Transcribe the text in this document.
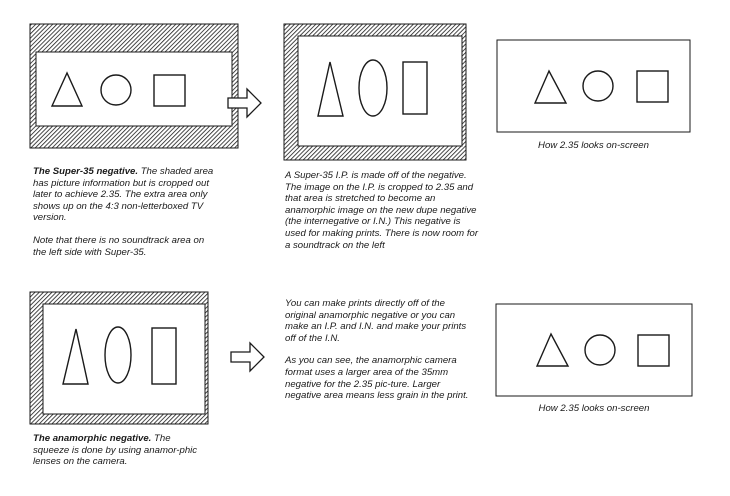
The Super-35 negative. The shaded area has picture information but is cropped out later to achieve 2.35. The extra area only shows up on the 4:3 non-letterboxed TV version.

Note that there is no soundtrack area on the left side with Super-35.

A Super-35 I.P. is made off of the negative. The image on the I.P. is cropped to 2.35 and that area is stretched to become an anamorphic image on the new dupe negative (the internegative or I.N.) This negative is used for making prints. There is now room for a soundtrack on the left

How 2.35 looks on-screen

The anamorphic negative. The squeeze is done by using anamor-phic lenses on the camera.

You can make prints directly off of the original anamorphic negative or you can make an I.P. and I.N. and make your prints off of the I.N.

As you can see, the anamorphic camera format uses a larger area of the 35mm negative for the 2.35 pic-ture. Larger negative area means less grain in the print.

How 2.35 looks on-screen
